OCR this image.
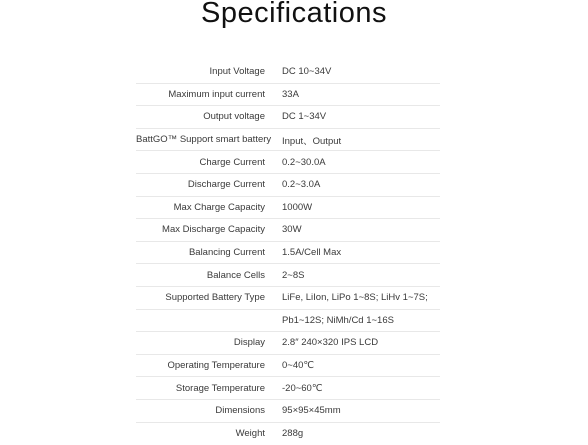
Specifications
Input Voltage	DC 10~34V
Maximum input current	33A
Output voltage	DC 1~34V
BattGO™ Support smart battery	Input、Output
Charge Current	0.2~30.0A
Discharge Current	0.2~3.0A
Max Charge Capacity	1000W
Max Discharge Capacity	30W
Balancing Current	1.5A/Cell Max
Balance Cells	2~8S
Supported Battery Type	LiFe, LiIon, LiPo 1~8S; LiHv 1~7S;
Pb1~12S; NiMh/Cd 1~16S
Display	2.8″ 240×320 IPS LCD
Operating Temperature	0~40℃
Storage Temperature	-20~60℃
Dimensions	95×95×45mm
Weight	288g
